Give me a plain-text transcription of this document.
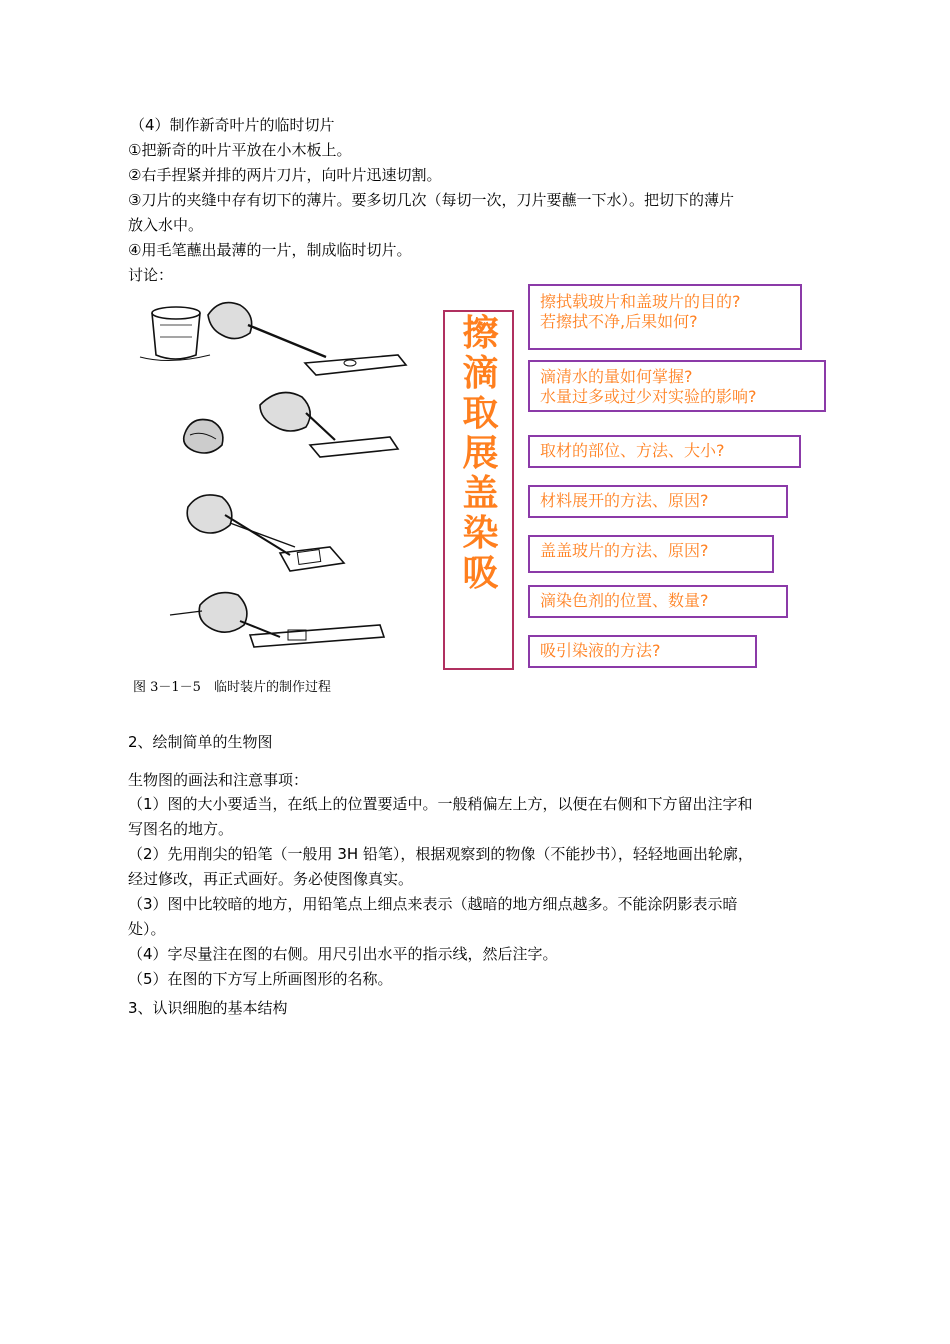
（4）制作新奇叶片的临时切片
①把新奇的叶片平放在小木板上。
②右手捏紧并排的两片刀片，向叶片迅速切割。
③刀片的夹缝中存有切下的薄片。要多切几次（每切一次，刀片要蘸一下水）。把切下的薄片
放入水中。
④用毛笔蘸出最薄的一片，制成临时切片。
讨论：
图 3－1－5　临时装片的制作过程
擦
滴
取
展
盖
染
吸
擦拭载玻片和盖玻片的目的?
若擦拭不净,后果如何?
滴清水的量如何掌握?
水量过多或过少对实验的影响?
取材的部位、方法、大小?
材料展开的方法、原因?
盖盖玻片的方法、原因?
滴染色剂的位置、数量?
吸引染液的方法?
2、绘制简单的生物图
生物图的画法和注意事项：
（1）图的大小要适当，在纸上的位置要适中。一般稍偏左上方，以便在右侧和下方留出注字和
写图名的地方。
（2）先用削尖的铅笔（一般用 3H 铅笔），根据观察到的物像（不能抄书），轻轻地画出轮廓，
经过修改，再正式画好。务必使图像真实。
（3）图中比较暗的地方，用铅笔点上细点来表示（越暗的地方细点越多。不能涂阴影表示暗
处）。
（4）字尽量注在图的右侧。用尺引出水平的指示线，然后注字。
（5）在图的下方写上所画图形的名称。
3、认识细胞的基本结构
